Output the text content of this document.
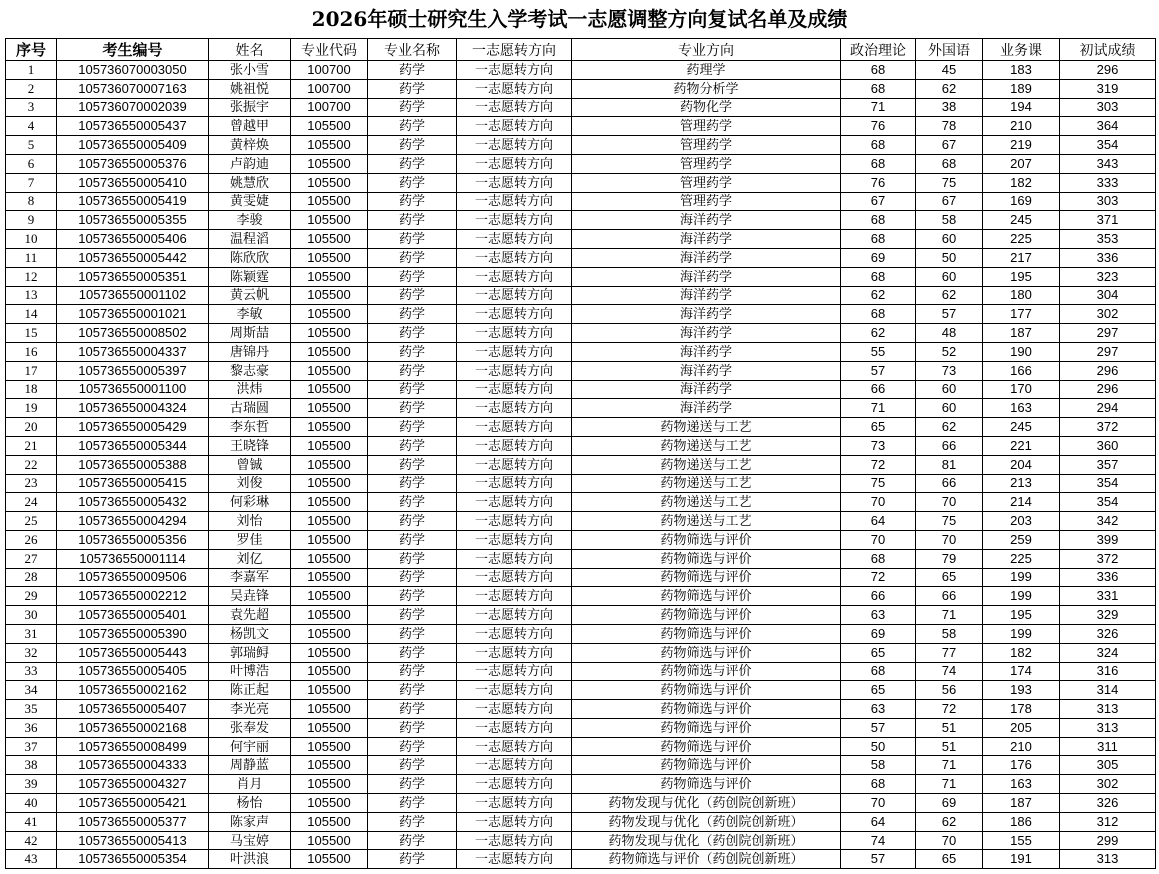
2026年硕士研究生入学考试一志愿调整方向复试名单及成绩
序号	考生编号	姓名	专业代码	专业名称	一志愿转方向	专业方向	政治理论	外国语	业务课	初试成绩
1	105736070003050	张小雪	100700	药学	一志愿转方向	药理学	68	45	183	296
2	105736070007163	姚祖悦	100700	药学	一志愿转方向	药物分析学	68	62	189	319
3	105736070002039	张振宇	100700	药学	一志愿转方向	药物化学	71	38	194	303
4	105736550005437	曾越甲	105500	药学	一志愿转方向	管理药学	76	78	210	364
5	105736550005409	黄梓焕	105500	药学	一志愿转方向	管理药学	68	67	219	354
6	105736550005376	卢韵迪	105500	药学	一志愿转方向	管理药学	68	68	207	343
7	105736550005410	姚慧欣	105500	药学	一志愿转方向	管理药学	76	75	182	333
8	105736550005419	黄雯婕	105500	药学	一志愿转方向	管理药学	67	67	169	303
9	105736550005355	李骏	105500	药学	一志愿转方向	海洋药学	68	58	245	371
10	105736550005406	温程滔	105500	药学	一志愿转方向	海洋药学	68	60	225	353
11	105736550005442	陈欣欣	105500	药学	一志愿转方向	海洋药学	69	50	217	336
12	105736550005351	陈颖霆	105500	药学	一志愿转方向	海洋药学	68	60	195	323
13	105736550001102	黄云帆	105500	药学	一志愿转方向	海洋药学	62	62	180	304
14	105736550001021	李敏	105500	药学	一志愿转方向	海洋药学	68	57	177	302
15	105736550008502	周斯喆	105500	药学	一志愿转方向	海洋药学	62	48	187	297
16	105736550004337	唐锦丹	105500	药学	一志愿转方向	海洋药学	55	52	190	297
17	105736550005397	黎志豪	105500	药学	一志愿转方向	海洋药学	57	73	166	296
18	105736550001100	洪炜	105500	药学	一志愿转方向	海洋药学	66	60	170	296
19	105736550004324	古瑞圆	105500	药学	一志愿转方向	海洋药学	71	60	163	294
20	105736550005429	李东哲	105500	药学	一志愿转方向	药物递送与工艺	65	62	245	372
21	105736550005344	王晓锋	105500	药学	一志愿转方向	药物递送与工艺	73	66	221	360
22	105736550005388	曾铖	105500	药学	一志愿转方向	药物递送与工艺	72	81	204	357
23	105736550005415	刘俊	105500	药学	一志愿转方向	药物递送与工艺	75	66	213	354
24	105736550005432	何彩琳	105500	药学	一志愿转方向	药物递送与工艺	70	70	214	354
25	105736550004294	刘怡	105500	药学	一志愿转方向	药物递送与工艺	64	75	203	342
26	105736550005356	罗佳	105500	药学	一志愿转方向	药物筛选与评价	70	70	259	399
27	105736550001114	刘亿	105500	药学	一志愿转方向	药物筛选与评价	68	79	225	372
28	105736550009506	李嘉军	105500	药学	一志愿转方向	药物筛选与评价	72	65	199	336
29	105736550002212	吴垚锋	105500	药学	一志愿转方向	药物筛选与评价	66	66	199	331
30	105736550005401	袁先超	105500	药学	一志愿转方向	药物筛选与评价	63	71	195	329
31	105736550005390	杨凯文	105500	药学	一志愿转方向	药物筛选与评价	69	58	199	326
32	105736550005443	郭瑞鲟	105500	药学	一志愿转方向	药物筛选与评价	65	77	182	324
33	105736550005405	叶博浩	105500	药学	一志愿转方向	药物筛选与评价	68	74	174	316
34	105736550002162	陈正起	105500	药学	一志愿转方向	药物筛选与评价	65	56	193	314
35	105736550005407	李光亮	105500	药学	一志愿转方向	药物筛选与评价	63	72	178	313
36	105736550002168	张奉发	105500	药学	一志愿转方向	药物筛选与评价	57	51	205	313
37	105736550008499	何宇丽	105500	药学	一志愿转方向	药物筛选与评价	50	51	210	311
38	105736550004333	周静蓝	105500	药学	一志愿转方向	药物筛选与评价	58	71	176	305
39	105736550004327	肖月	105500	药学	一志愿转方向	药物筛选与评价	68	71	163	302
40	105736550005421	杨怡	105500	药学	一志愿转方向	药物发现与优化（药创院创新班）	70	69	187	326
41	105736550005377	陈家声	105500	药学	一志愿转方向	药物发现与优化（药创院创新班）	64	62	186	312
42	105736550005413	马宝婷	105500	药学	一志愿转方向	药物发现与优化（药创院创新班）	74	70	155	299
43	105736550005354	叶洪浪	105500	药学	一志愿转方向	药物筛选与评价（药创院创新班）	57	65	191	313
